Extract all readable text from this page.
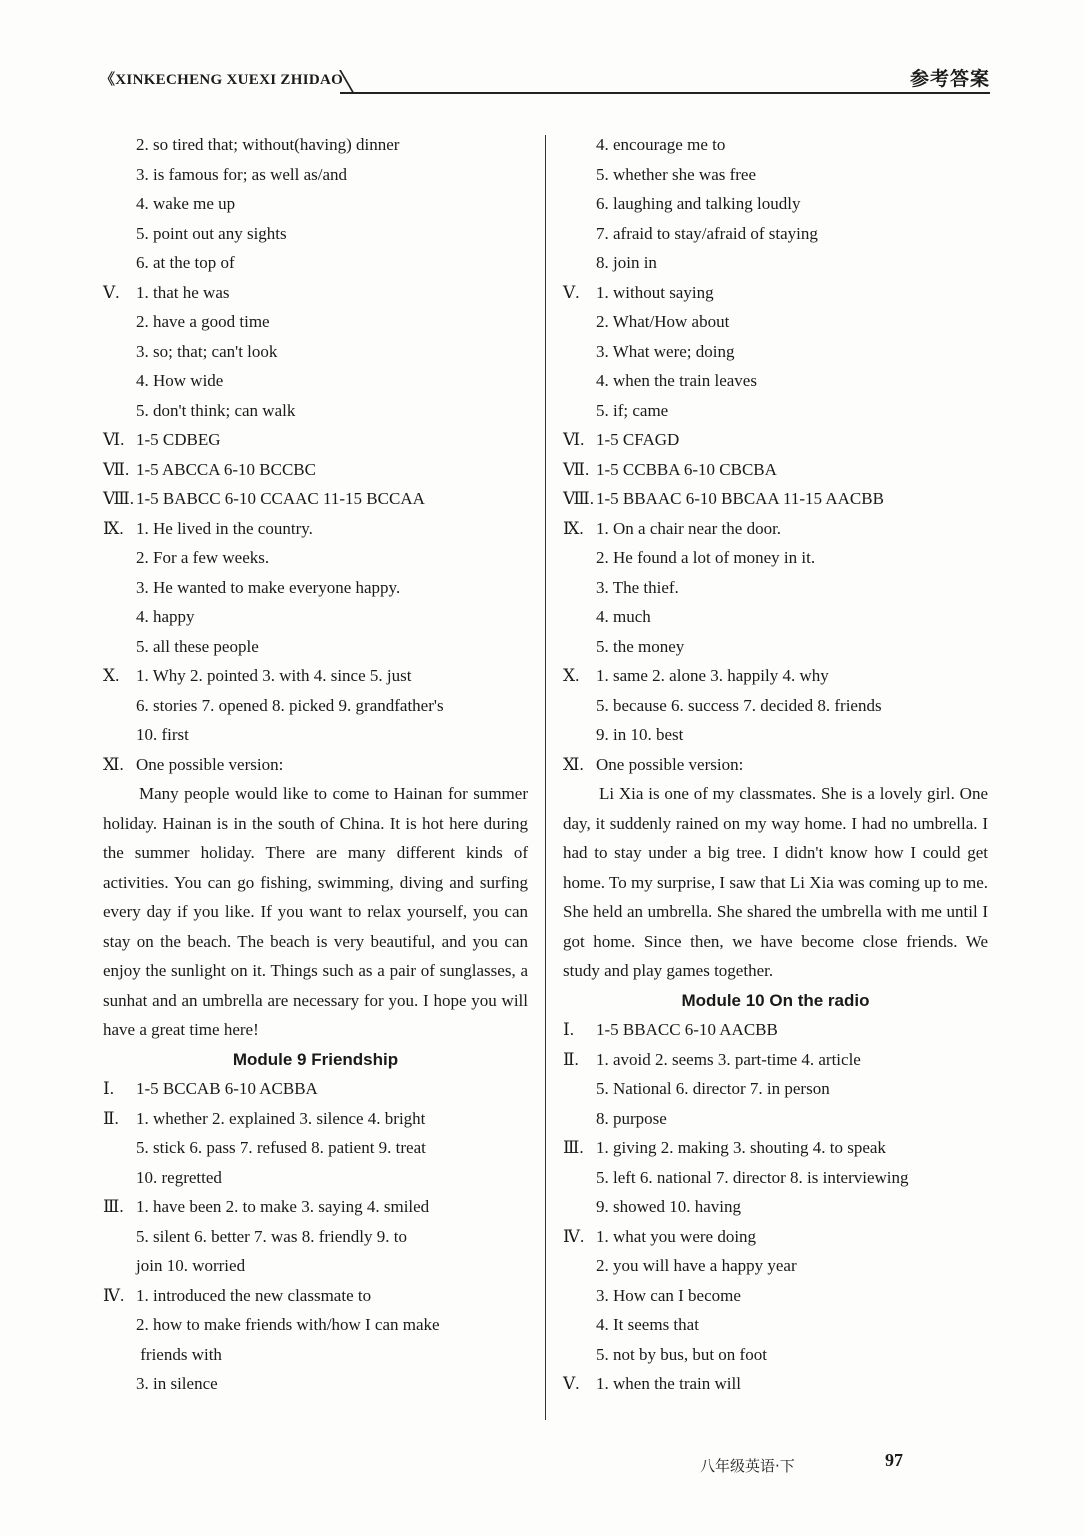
《XINKECHENG XUEXI ZHIDAO	参考答案
2. so tired that; without(having) dinner
3. is famous for; as well as/and
4. wake me up
5. point out any sights
6. at the top of
Ⅴ. 1. that he was
2. have a good time
3. so; that; can't look
4. How wide
5. don't think; can walk
Ⅵ. 1-5 CDBEG
Ⅶ. 1-5 ABCCA 6-10 BCCBC
Ⅷ. 1-5 BABCC 6-10 CCAAC 11-15 BCCAA
Ⅸ. 1. He lived in the country.
2. For a few weeks.
3. He wanted to make everyone happy.
4. happy
5. all these people
Ⅹ. 1. Why 2. pointed 3. with 4. since 5. just
6. stories 7. opened 8. picked 9. grandfather's
10. first
Ⅺ. One possible version:

Many people would like to come to Hainan for summer holiday. Hainan is in the south of China. It is hot here during the summer holiday. There are many different kinds of activities. You can go fishing, swimming, diving and surfing every day if you like. If you want to relax yourself, you can stay on the beach. The beach is very beautiful, and you can enjoy the sunlight on it. Things such as a pair of sunglasses, a sunhat and an umbrella are necessary for you. I hope you will have a great time here!

Module 9 Friendship
Ⅰ. 1-5 BCCAB 6-10 ACBBA
Ⅱ. 1. whether 2. explained 3. silence 4. bright
5. stick 6. pass 7. refused 8. patient 9. treat
10. regretted
Ⅲ. 1. have been 2. to make 3. saying 4. smiled
5. silent 6. better 7. was 8. friendly 9. to
join 10. worried
Ⅳ. 1. introduced the new classmate to
2. how to make friends with/how I can make
friends with
3. in silence
4. encourage me to
5. whether she was free
6. laughing and talking loudly
7. afraid to stay/afraid of staying
8. join in
Ⅴ. 1. without saying
2. What/How about
3. What were; doing
4. when the train leaves
5. if; came
Ⅵ. 1-5 CFAGD
Ⅶ. 1-5 CCBBA 6-10 CBCBA
Ⅷ. 1-5 BBAAC 6-10 BBCAA 11-15 AACBB
Ⅸ. 1. On a chair near the door.
2. He found a lot of money in it.
3. The thief.
4. much
5. the money
Ⅹ. 1. same 2. alone 3. happily 4. why
5. because 6. success 7. decided 8. friends
9. in 10. best
Ⅺ. One possible version:

Li Xia is one of my classmates. She is a lovely girl. One day, it suddenly rained on my way home. I had no umbrella. I had to stay under a big tree. I didn't know how I could get home. To my surprise, I saw that Li Xia was coming up to me. She held an umbrella. She shared the umbrella with me until I got home. Since then, we have become close friends. We study and play games together.

Module 10 On the radio
Ⅰ. 1-5 BBACC 6-10 AACBB
Ⅱ. 1. avoid 2. seems 3. part-time 4. article
5. National 6. director 7. in person
8. purpose
Ⅲ. 1. giving 2. making 3. shouting 4. to speak
5. left 6. national 7. director 8. is interviewing
9. showed 10. having
Ⅳ. 1. what you were doing
2. you will have a happy year
3. How can I become
4. It seems that
5. not by bus, but on foot
Ⅴ. 1. when the train will
八年级英语·下	97
